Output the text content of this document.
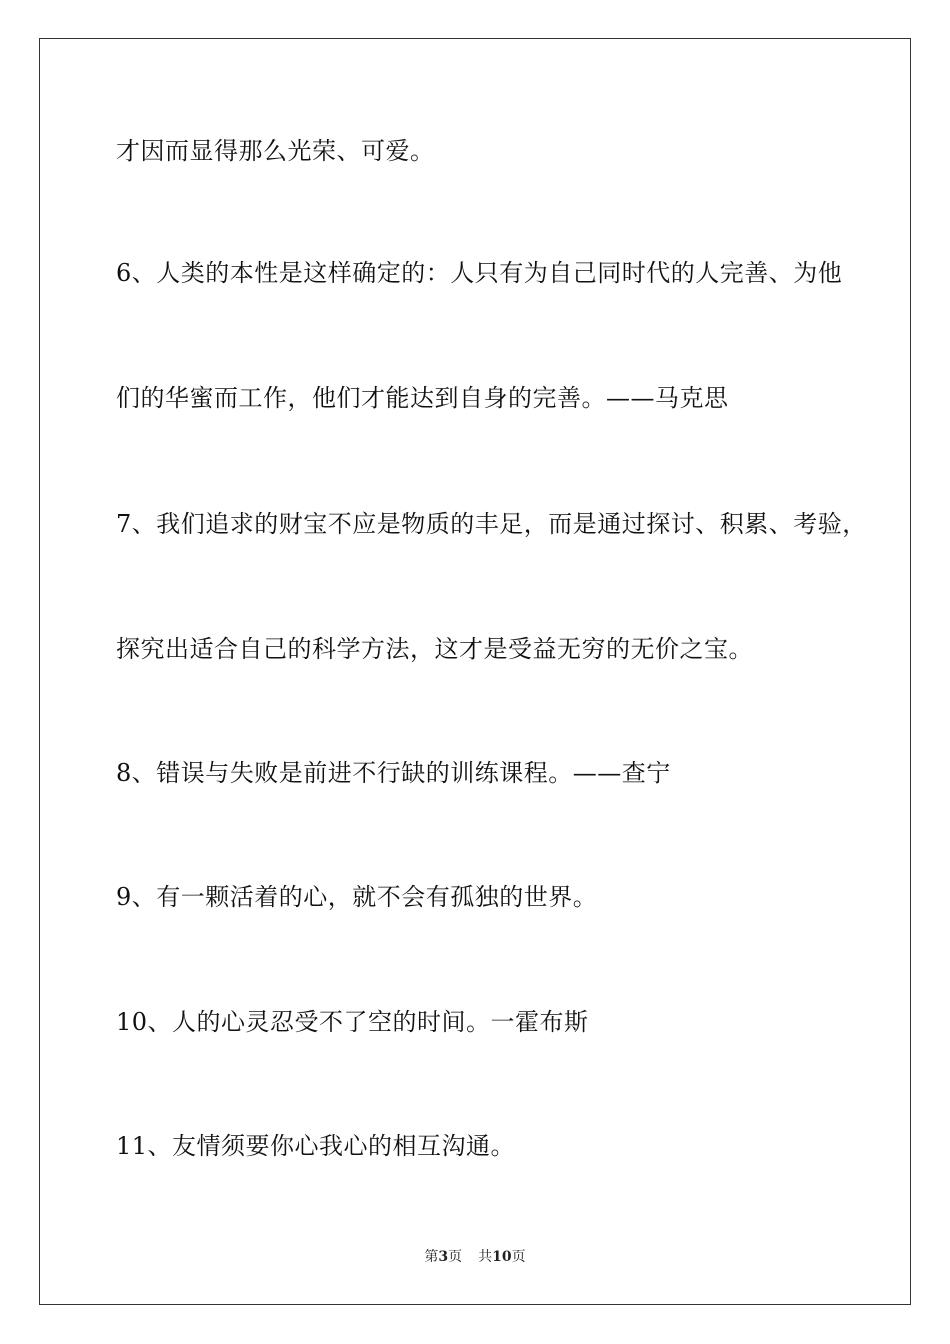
才因而显得那么光荣、可爱。
6、人类的本性是这样确定的：人只有为自己同时代的人完善、为他
们的华蜜而工作，他们才能达到自身的完善。——马克思
7、我们追求的财宝不应是物质的丰足，而是通过探讨、积累、考验，
探究出适合自己的科学方法，这才是受益无穷的无价之宝。
8、错误与失败是前进不行缺的训练课程。——查宁
9、有一颗活着的心，就不会有孤独的世界。
10、人的心灵忍受不了空的时间。一霍布斯
11、友情须要你心我心的相互沟通。
第3页 共10页
